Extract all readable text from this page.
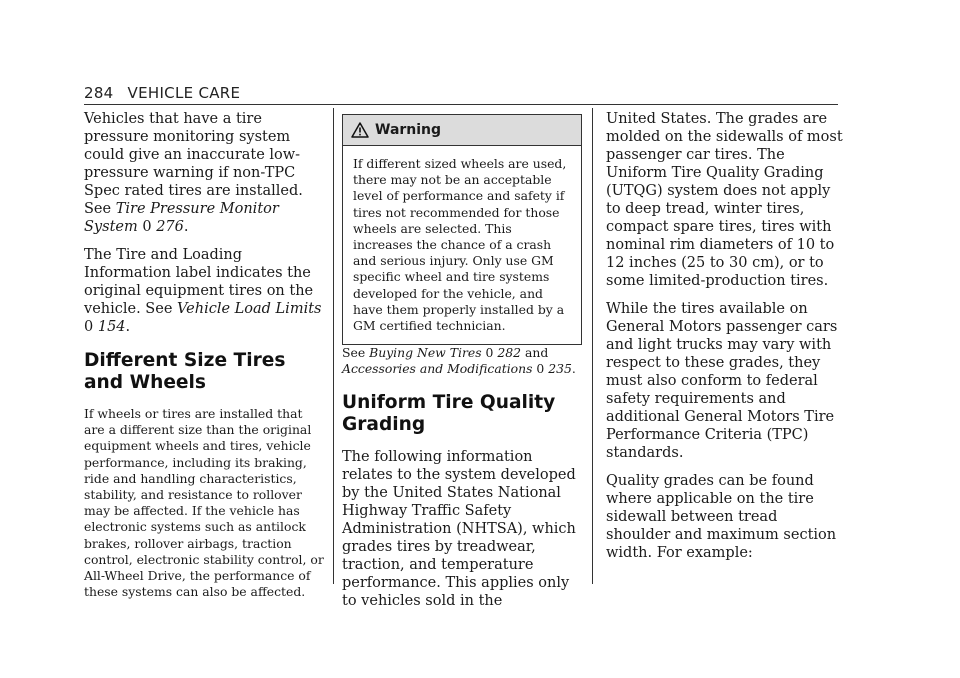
284 VEHICLE CARE

Vehicles that have a tire pressure monitoring system could give an inaccurate low-pressure warning if non-TPC Spec rated tires are installed. See Tire Pressure Monitor System 0 276.

The Tire and Loading Information label indicates the original equipment tires on the vehicle. See Vehicle Load Limits 0 154.

Different Size Tires and Wheels

If wheels or tires are installed that are a different size than the original equipment wheels and tires, vehicle performance, including its braking, ride and handling characteristics, stability, and resistance to rollover may be affected. If the vehicle has electronic systems such as antilock brakes, rollover airbags, traction control, electronic stability control, or All-Wheel Drive, the performance of these systems can also be affected.

Warning

If different sized wheels are used, there may not be an acceptable level of performance and safety if tires not recommended for those wheels are selected. This increases the chance of a crash and serious injury. Only use GM specific wheel and tire systems developed for the vehicle, and have them properly installed by a GM certified technician.

See Buying New Tires 0 282 and Accessories and Modifications 0 235.

Uniform Tire Quality Grading

The following information relates to the system developed by the United States National Highway Traffic Safety Administration (NHTSA), which grades tires by treadwear, traction, and temperature performance. This applies only to vehicles sold in the

United States. The grades are molded on the sidewalls of most passenger car tires. The Uniform Tire Quality Grading (UTQG) system does not apply to deep tread, winter tires, compact spare tires, tires with nominal rim diameters of 10 to 12 inches (25 to 30 cm), or to some limited-production tires.

While the tires available on General Motors passenger cars and light trucks may vary with respect to these grades, they must also conform to federal safety requirements and additional General Motors Tire Performance Criteria (TPC) standards.

Quality grades can be found where applicable on the tire sidewall between tread shoulder and maximum section width. For example:
